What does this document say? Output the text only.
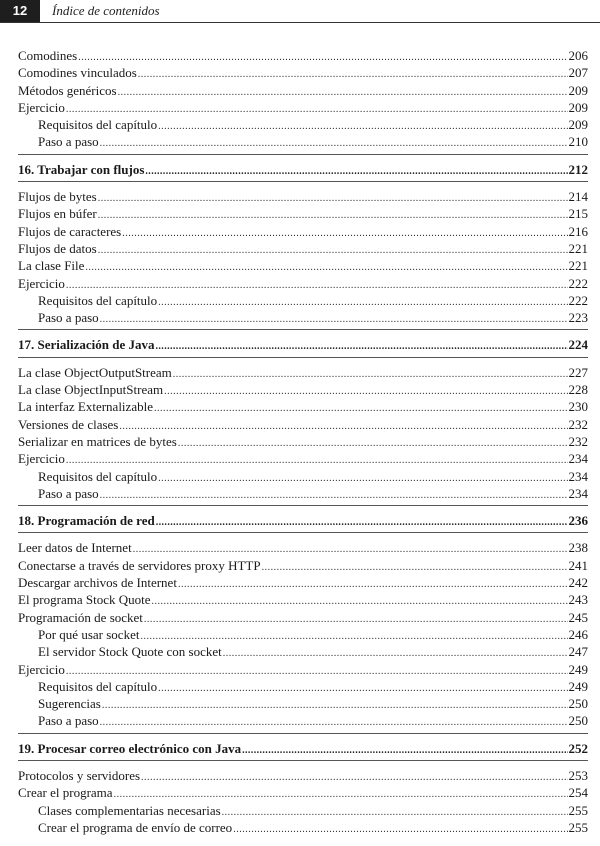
12	Índice de contenidos
Comodines .....	206
Comodines vinculados .....	207
Métodos genéricos .....	209
Ejercicio .....	209
Requisitos del capítulo .....	209
Paso a paso .....	210
16. Trabajar con flujos .....	212
Flujos de bytes .....	214
Flujos en búfer .....	215
Flujos de caracteres .....	216
Flujos de datos .....	221
La clase File .....	221
Ejercicio .....	222
Requisitos del capítulo .....	222
Paso a paso .....	223
17. Serialización de Java .....	224
La clase ObjectOutputStream .....	227
La clase ObjectInputStream .....	228
La interfaz Externalizable .....	230
Versiones de clases .....	232
Serializar en matrices de bytes .....	232
Ejercicio .....	234
Requisitos del capítulo .....	234
Paso a paso .....	234
18. Programación de red .....	236
Leer datos de Internet .....	238
Conectarse a través de servidores proxy HTTP .....	241
Descargar archivos de Internet .....	242
El programa Stock Quote .....	243
Programación de socket .....	245
Por qué usar socket .....	246
El servidor Stock Quote con socket .....	247
Ejercicio .....	249
Requisitos del capítulo .....	249
Sugerencias .....	250
Paso a paso .....	250
19. Procesar correo electrónico con Java .....	252
Protocolos y servidores .....	253
Crear el programa .....	254
Clases complementarias necesarias .....	255
Crear el programa de envío de correo .....	255
